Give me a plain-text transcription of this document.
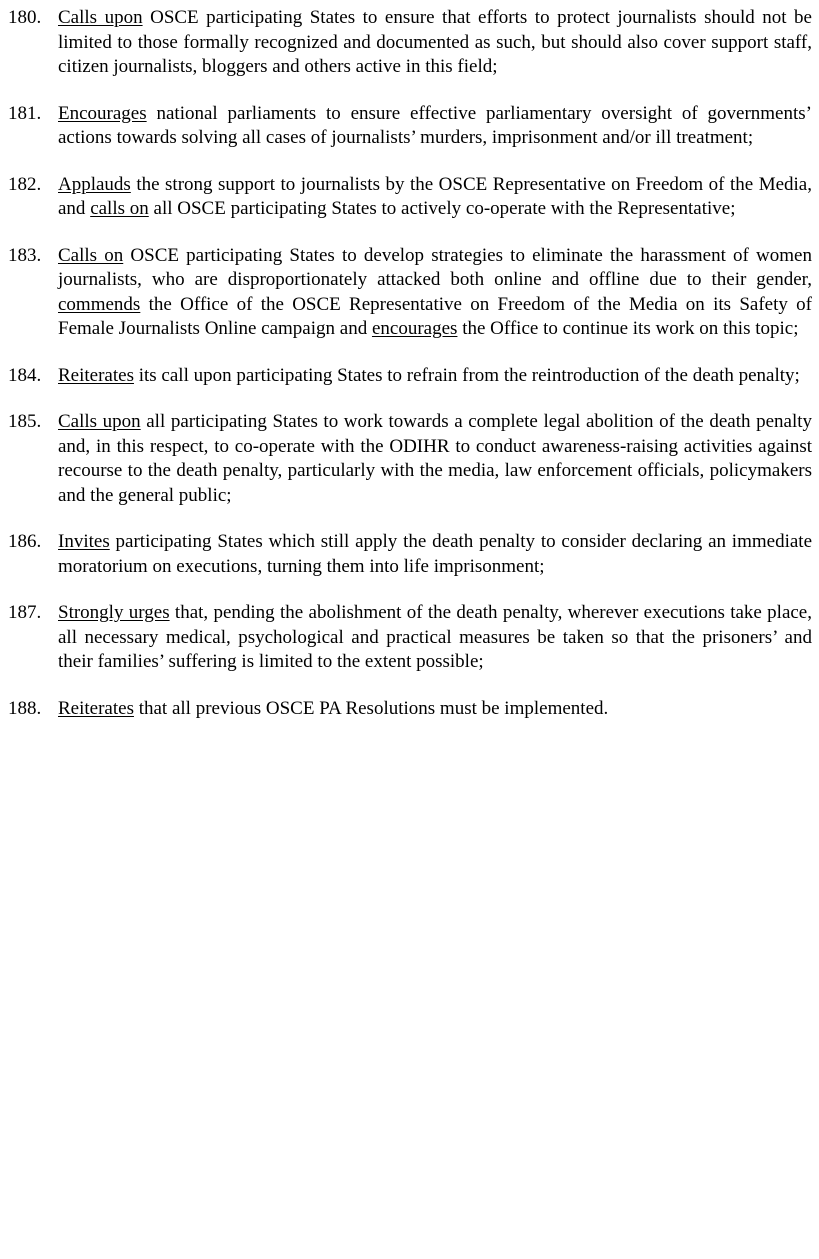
180. Calls upon OSCE participating States to ensure that efforts to protect journalists should not be limited to those formally recognized and documented as such, but should also cover support staff, citizen journalists, bloggers and others active in this field;
181. Encourages national parliaments to ensure effective parliamentary oversight of governments’ actions towards solving all cases of journalists’ murders, imprisonment and/or ill treatment;
182. Applauds the strong support to journalists by the OSCE Representative on Freedom of the Media, and calls on all OSCE participating States to actively co-operate with the Representative;
183. Calls on OSCE participating States to develop strategies to eliminate the harassment of women journalists, who are disproportionately attacked both online and offline due to their gender, commends the Office of the OSCE Representative on Freedom of the Media on its Safety of Female Journalists Online campaign and encourages the Office to continue its work on this topic;
184. Reiterates its call upon participating States to refrain from the reintroduction of the death penalty;
185. Calls upon all participating States to work towards a complete legal abolition of the death penalty and, in this respect, to co-operate with the ODIHR to conduct awareness-raising activities against recourse to the death penalty, particularly with the media, law enforcement officials, policymakers and the general public;
186. Invites participating States which still apply the death penalty to consider declaring an immediate moratorium on executions, turning them into life imprisonment;
187. Strongly urges that, pending the abolishment of the death penalty, wherever executions take place, all necessary medical, psychological and practical measures be taken so that the prisoners’ and their families’ suffering is limited to the extent possible;
188. Reiterates that all previous OSCE PA Resolutions must be implemented.
